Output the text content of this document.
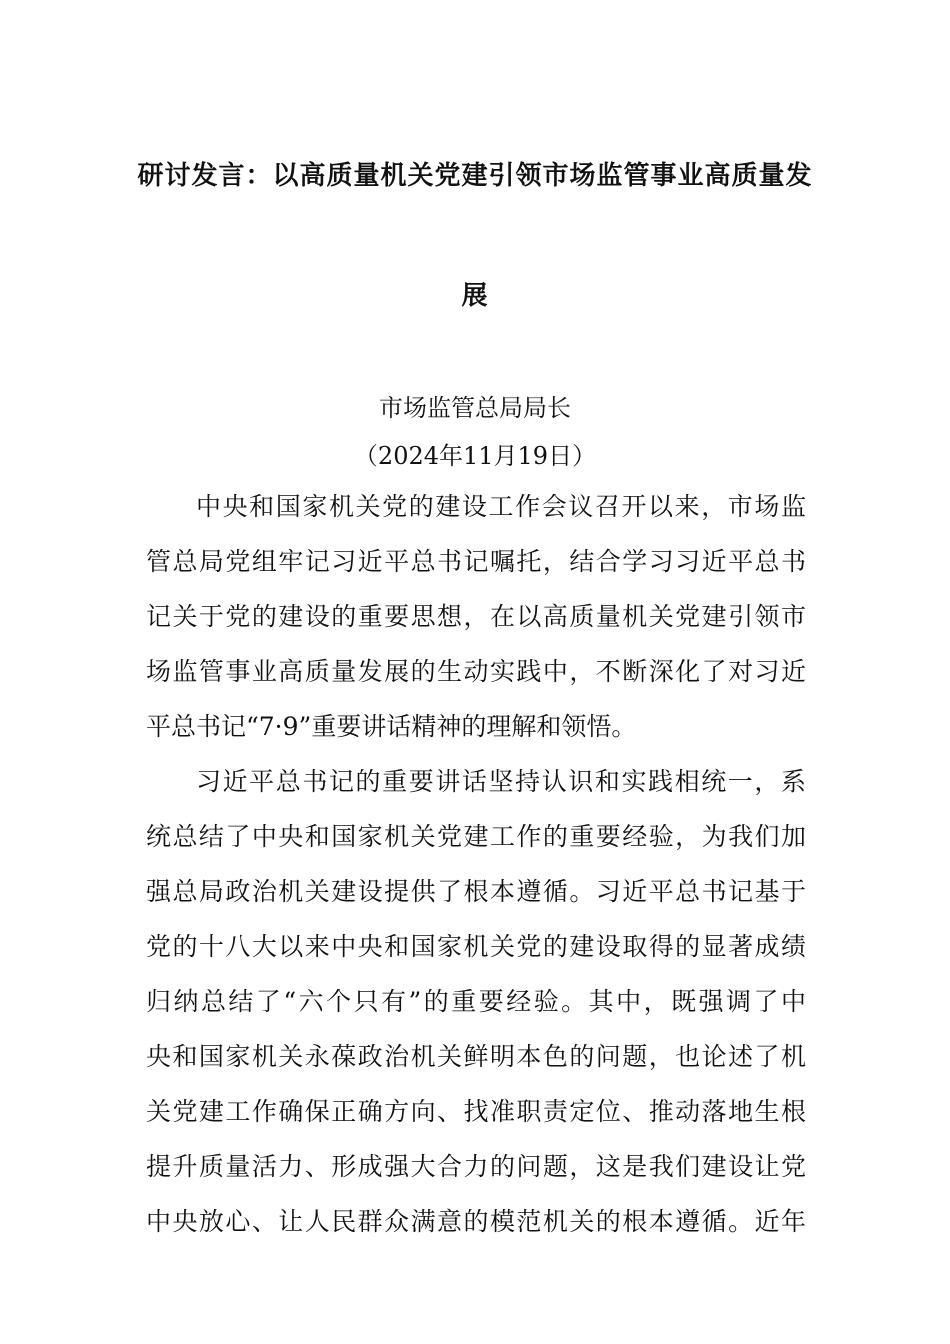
研讨发言：以高质量机关党建引领市场监管事业高质量发
展
市场监管总局局长
（2024年11月19日）
中央和国家机关党的建设工作会议召开以来，市场监
管总局党组牢记习近平总书记嘱托，结合学习习近平总书
记关于党的建设的重要思想，在以高质量机关党建引领市
场监管事业高质量发展的生动实践中，不断深化了对习近
平总书记“7·9”重要讲话精神的理解和领悟。
习近平总书记的重要讲话坚持认识和实践相统一，系
统总结了中央和国家机关党建工作的重要经验，为我们加
强总局政治机关建设提供了根本遵循。习近平总书记基于
党的十八大以来中央和国家机关党的建设取得的显著成绩
归纳总结了“六个只有”的重要经验。其中，既强调了中
央和国家机关永葆政治机关鲜明本色的问题，也论述了机
关党建工作确保正确方向、找准职责定位、推动落地生根
提升质量活力、形成强大合力的问题，这是我们建设让党
中央放心、让人民群众满意的模范机关的根本遵循。近年
